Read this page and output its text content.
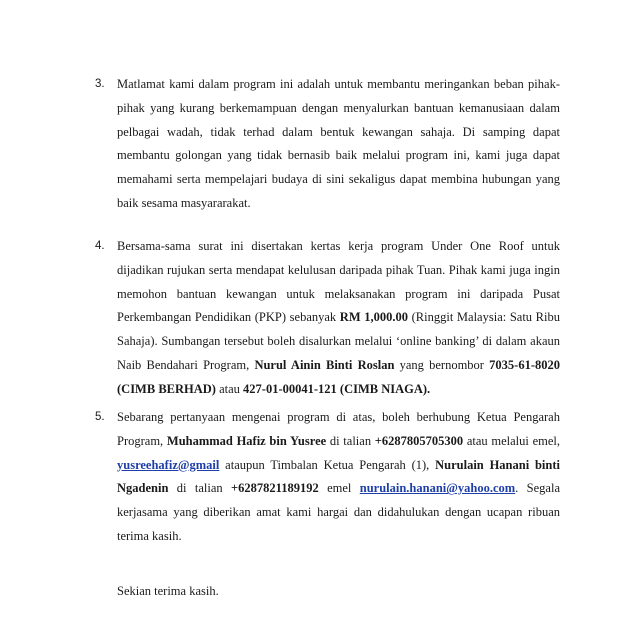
3. Matlamat kami dalam program ini adalah untuk membantu meringankan beban pihak-pihak yang kurang berkemampuan dengan menyalurkan bantuan kemanusiaan dalam pelbagai wadah, tidak terhad dalam bentuk kewangan sahaja. Di samping dapat membantu golongan yang tidak bernasib baik melalui program ini, kami juga dapat memahami serta mempelajari budaya di sini sekaligus dapat membina hubungan yang baik sesama masyararakat.
4. Bersama-sama surat ini disertakan kertas kerja program Under One Roof untuk dijadikan rujukan serta mendapat kelulusan daripada pihak Tuan. Pihak kami juga ingin memohon bantuan kewangan untuk melaksanakan program ini daripada Pusat Perkembangan Pendidikan (PKP) sebanyak RM 1,000.00 (Ringgit Malaysia: Satu Ribu Sahaja). Sumbangan tersebut boleh disalurkan melalui ‘online banking’ di dalam akaun Naib Bendahari Program, Nurul Ainin Binti Roslan yang bernombor 7035-61-8020 (CIMB BERHAD) atau 427-01-00041-121 (CIMB NIAGA).
5. Sebarang pertanyaan mengenai program di atas, boleh berhubung Ketua Pengarah Program, Muhammad Hafiz bin Yusree di talian +6287805705300 atau melalui emel, yusreehafiz@gmail ataupun Timbalan Ketua Pengarah (1), Nurulain Hanani binti Ngadenin di talian +6287821189192 emel nurulain.hanani@yahoo.com. Segala kerjasama yang diberikan amat kami hargai dan didahulukan dengan ucapan ribuan terima kasih.
Sekian terima kasih.
